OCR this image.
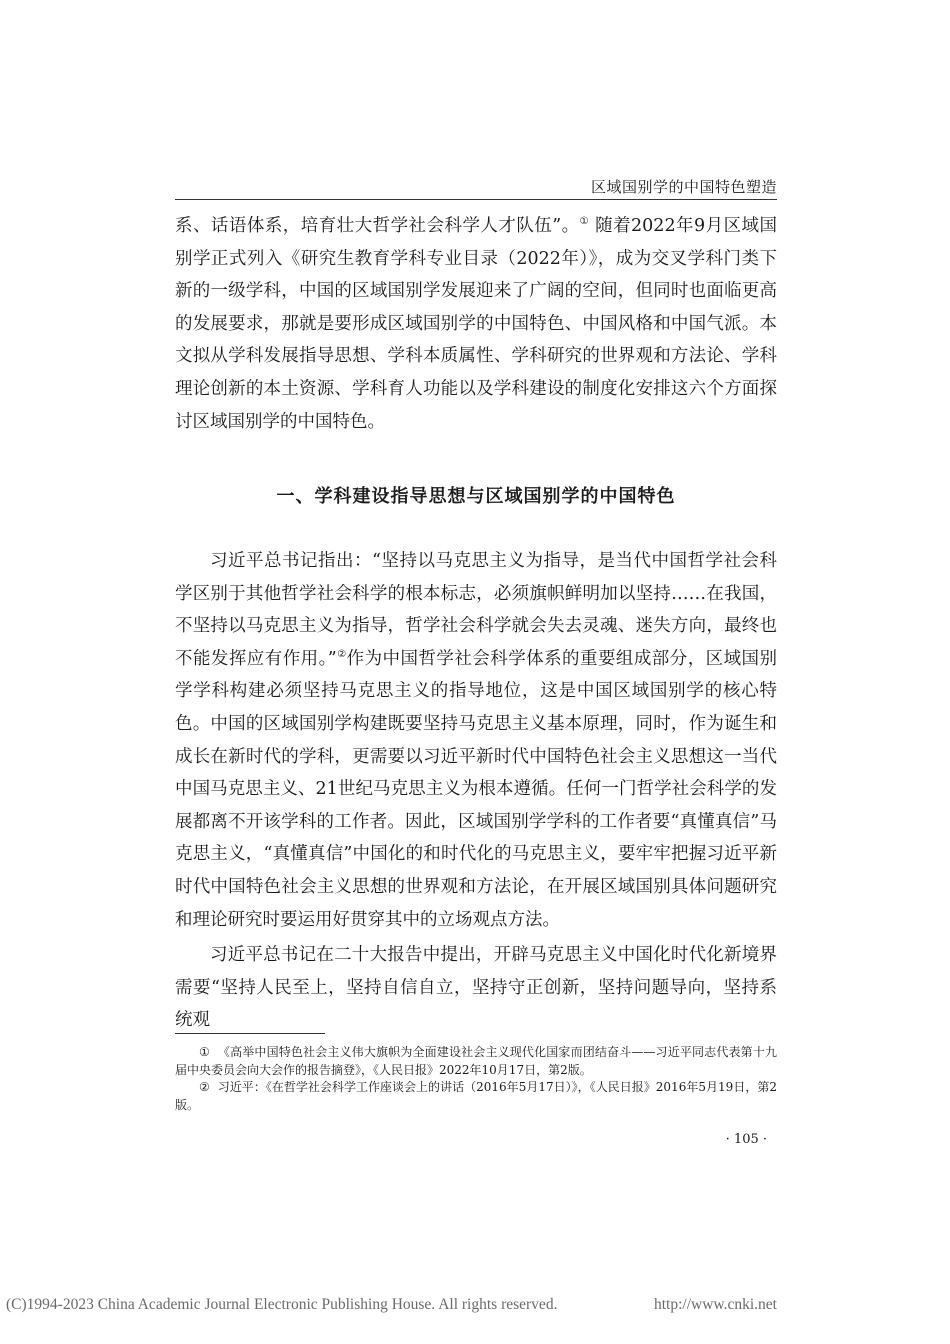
区域国别学的中国特色塑造

系、话语体系，培育壮大哲学社会科学人才队伍”。① 随着2022年9月区域国别学正式列入《研究生教育学科专业目录（2022年）》，成为交叉学科门类下新的一级学科，中国的区域国别学发展迎来了广阔的空间，但同时也面临更高的发展要求，那就是要形成区域国别学的中国特色、中国风格和中国气派。本文拟从学科发展指导思想、学科本质属性、学科研究的世界观和方法论、学科理论创新的本土资源、学科育人功能以及学科建设的制度化安排这六个方面探讨区域国别学的中国特色。

一、学科建设指导思想与区域国别学的中国特色

习近平总书记指出：“坚持以马克思主义为指导，是当代中国哲学社会科学区别于其他哲学社会科学的根本标志，必须旗帜鲜明加以坚持……在我国，不坚持以马克思主义为指导，哲学社会科学就会失去灵魂、迷失方向，最终也不能发挥应有作用。”②作为中国哲学社会科学体系的重要组成部分，区域国别学学科构建必须坚持马克思主义的指导地位，这是中国区域国别学的核心特色。中国的区域国别学构建既要坚持马克思主义基本原理，同时，作为诞生和成长在新时代的学科，更需要以习近平新时代中国特色社会主义思想这一当代中国马克思主义、21世纪马克思主义为根本遵循。任何一门哲学社会科学的发展都离不开该学科的工作者。因此，区域国别学学科的工作者要“真懂真信”马克思主义，“真懂真信”中国化的和时代化的马克思主义，要牢牢把握习近平新时代中国特色社会主义思想的世界观和方法论，在开展区域国别具体问题研究和理论研究时要运用好贯穿其中的立场观点方法。

习近平总书记在二十大报告中提出，开辟马克思主义中国化时代化新境界需要“坚持人民至上，坚持自信自立，坚持守正创新，坚持问题导向，坚持系统观

① 《高举中国特色社会主义伟大旗帜为全面建设社会主义现代化国家而团结奋斗——习近平同志代表第十九届中央委员会向大会作的报告摘登》，《人民日报》2022年10月17日，第2版。

② 习近平：《在哲学社会科学工作座谈会上的讲话（2016年5月17日）》，《人民日报》2016年5月19日，第2版。

· 105 ·
(C)1994-2023 China Academic Journal Electronic Publishing House. All rights reserved.	http://www.cnki.net
